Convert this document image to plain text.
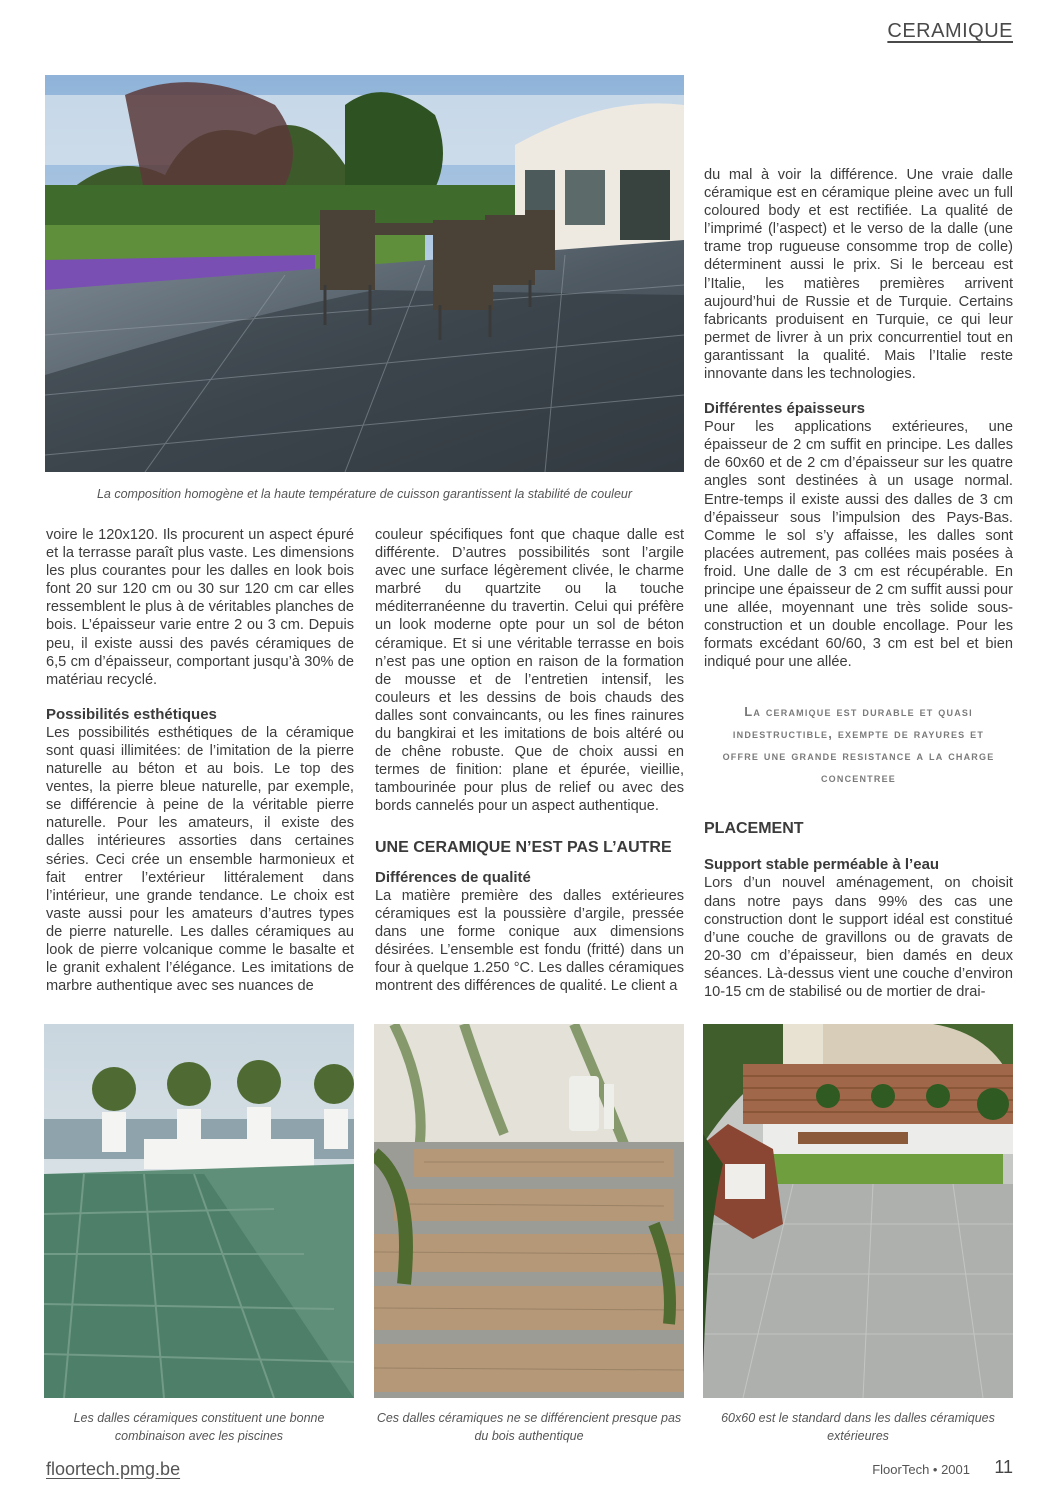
CERAMIQUE
La composition homogène et la haute température de cuisson garantissent la stabilité de couleur

du mal à voir la différence. Une vraie dalle céramique est en céramique pleine avec un full coloured body et est rectifiée. La qualité de l’imprimé (l’aspect) et le verso de la dalle (une trame trop rugueuse consomme trop de colle) déterminent aussi le prix. Si le berceau est l’Italie, les matières premières arrivent aujourd’hui de Russie et de Turquie. Certains fabricants produisent en Turquie, ce qui leur permet de livrer à un prix concurrentiel tout en garantissant la qualité. Mais l’Italie reste innovante dans les technologies.

Différentes épaisseurs

Pour les applications extérieures, une épaisseur de 2 cm suffit en principe. Les dalles de 60x60 et de 2 cm d’épaisseur sur les quatre angles sont destinées à un usage normal. Entre-temps il existe aussi des dalles de 3 cm d’épaisseur sous l’impulsion des Pays-Bas. Comme le sol s’y affaisse, les dalles sont placées autrement, pas collées mais posées à froid. Une dalle de 3 cm est récupérable. En principe une épaisseur de 2 cm suffit aussi pour une allée, moyennant une très solide sous-construction et un double encollage. Pour les formats excédant 60/60, 3 cm est bel et bien indiqué pour une allée.

La ceramique est durable et quasi indestructible, exempte de rayures et offre une grande resistance a la charge concentree
PLACEMENT
Support stable perméable à l’eau

Lors d’un nouvel aménagement, on choisit dans notre pays dans 99% des cas une construction dont le support idéal est constitué d’une couche de gravillons ou de gravats de 20-30 cm d’épaisseur, bien damés en deux séances. Là-dessus vient une couche d’environ 10-15 cm de stabilisé ou de mortier de drai-

voire le 120x120. Ils procurent un aspect épuré et la terrasse paraît plus vaste. Les dimensions les plus courantes pour les dalles en look bois font 20 sur 120 cm ou 30 sur 120 cm car elles ressemblent le plus à de véritables planches de bois. L’épaisseur varie entre 2 ou 3 cm. Depuis peu, il existe aussi des pavés céramiques de 6,5 cm d’épaisseur, comportant jusqu’à 30% de matériau recyclé.

Possibilités esthétiques

Les possibilités esthétiques de la céramique sont quasi illimitées: de l’imitation de la pierre naturelle au béton et au bois. Le top des ventes, la pierre bleue naturelle, par exemple, se différencie à peine de la véritable pierre naturelle. Pour les amateurs, il existe des dalles intérieures assorties dans certaines séries. Ceci crée un ensemble harmonieux et fait entrer l’extérieur littéralement dans l’intérieur, une grande tendance. Le choix est vaste aussi pour les amateurs d’autres types de pierre naturelle. Les dalles céramiques au look de pierre volcanique comme le basalte et le granit exhalent l’élégance. Les imitations de marbre authentique avec ses nuances de

couleur spécifiques font que chaque dalle est différente. D’autres possibilités sont l’argile avec une surface légèrement clivée, le charme marbré du quartzite ou la touche méditerranéenne du travertin. Celui qui préfère un look moderne opte pour un sol de béton céramique. Et si une véritable terrasse en bois n’est pas une option en raison de la formation de mousse et de l’entretien intensif, les couleurs et les dessins de bois chauds des dalles sont convaincants, ou les fines rainures du bangkirai et les imitations de bois altéré ou de chêne robuste. Que de choix aussi en termes de finition: plane et épurée, vieillie, tambourinée pour plus de relief ou avec des bords cannelés pour un aspect authentique.

UNE CERAMIQUE N’EST PAS L’AUTRE
Différences de qualité

La matière première des dalles extérieures céramiques est la poussière d’argile, pressée dans une forme conique aux dimensions désirées. L’ensemble est fondu (fritté) dans un four à quelque 1.250 °C. Les dalles céramiques montrent des différences de qualité. Le client a

Les dalles céramiques constituent une bonne combinaison avec les piscines
Ces dalles céramiques ne se différencient presque pas du bois authentique
60x60 est le standard dans les dalles céramiques extérieures
floortech.pmg.be	FloorTech • 2001 11
